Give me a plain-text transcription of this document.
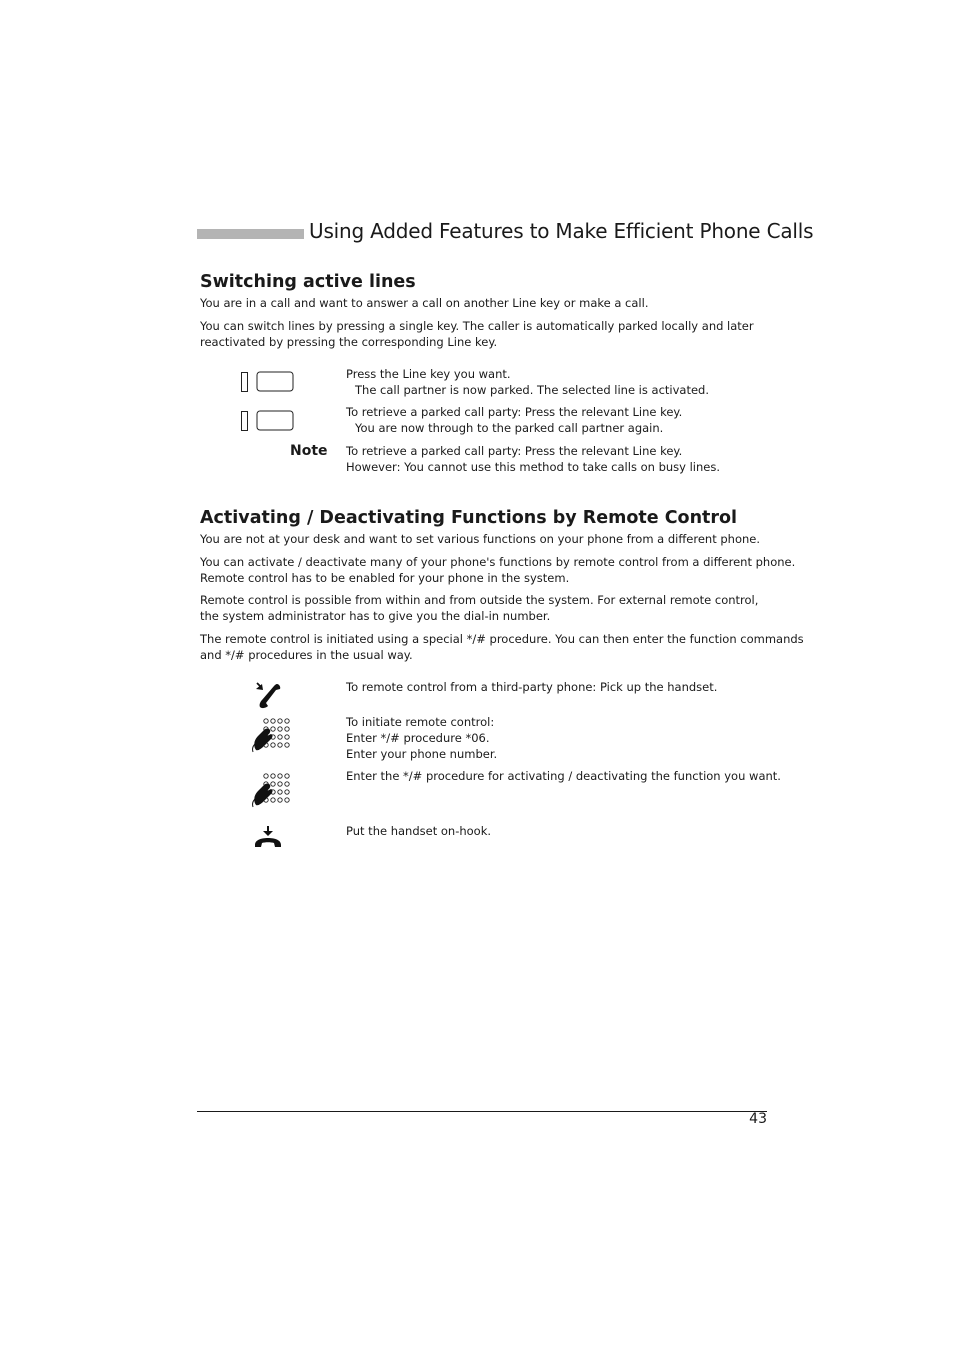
Using Added Features to Make Efficient Phone Calls
Switching active lines
You are in a call and want to answer a call on another Line key or make a call.
You can switch lines by pressing a single key. The caller is automatically parked locally and later
reactivated by pressing the corresponding Line key.
Press the Line key you want.
The call partner is now parked. The selected line is activated.
To retrieve a parked call party: Press the relevant Line key.
You are now through to the parked call partner again.
Note To retrieve a parked call party: Press the relevant Line key.
However: You cannot use this method to take calls on busy lines.
Activating / Deactivating Functions by Remote Control
You are not at your desk and want to set various functions on your phone from a different phone.
You can activate / deactivate many of your phone's functions by remote control from a different phone.
Remote control has to be enabled for your phone in the system.
Remote control is possible from within and from outside the system. For external remote control,
the system administrator has to give you the dial-in number.
The remote control is initiated using a special */# procedure. You can then enter the function commands
and */# procedures in the usual way.
To remote control from a third-party phone: Pick up the handset.
To initiate remote control:
Enter */# procedure *06.
Enter your phone number.
Enter the */# procedure for activating / deactivating the function you want.
Put the handset on-hook.
43
